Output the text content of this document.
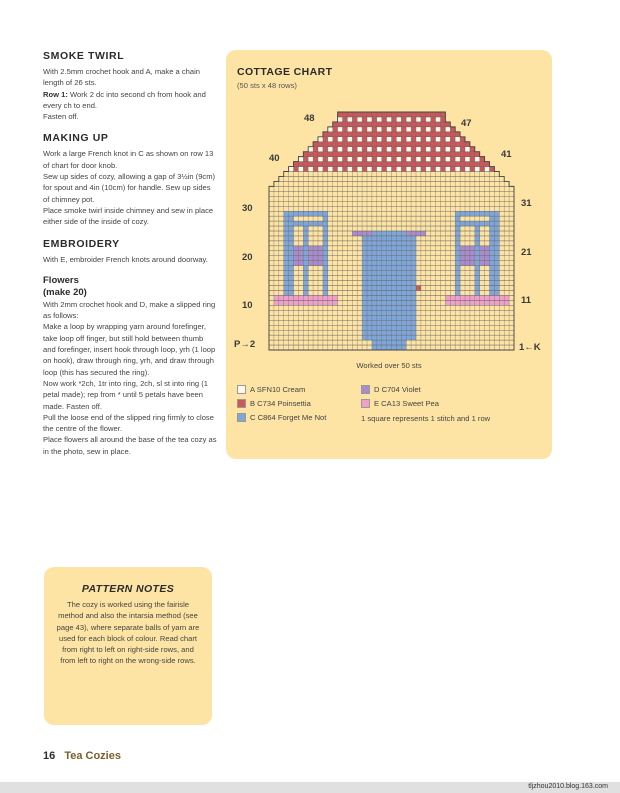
SMOKE TWIRL

With 2.5mm crochet hook and A, make a chain length of 26 sts.

Row 1: Work 2 dc into second ch from hook and every ch to end.

Fasten off.

MAKING UP

Work a large French knot in C as shown on row 13 of chart for door knob.

Sew up sides of cozy, allowing a gap of 3½in (9cm) for spout and 4in (10cm) for handle. Sew up sides of chimney pot.

Place smoke twirl inside chimney and sew in place either side of the inside of cozy.

EMBROIDERY

With E, embroider French knots around doorway.

Flowers

(make 20)

With 2mm crochet hook and D, make a slipped ring as follows:

Make a loop by wrapping yarn around forefinger, take loop off finger, but still hold between thumb and forefinger, insert hook through loop, yrh (1 loop on hook), draw through ring, yrh, and draw through loop (this has secured the ring).

Now work *2ch, 1tr into ring, 2ch, sl st into ring (1 petal made); rep from * until 5 petals have been made. Fasten off.

Pull the loose end of the slipped ring firmly to close the centre of the flower.

Place flowers all around the base of the tea cozy as in the photo, sew in place.

COTTAGE CHART
(50 sts x 48 rows)
48	47
40	41
30	31
20	21
10	11
P→2	1←K
Worked over 50 sts
A SFN10 Cream
B C734 Poinsettia
C C864 Forget Me Not
D C704 Violet
E CA13 Sweet Pea
1 square represents 1 stitch and 1 row
PATTERN NOTES
The cozy is worked using the fairisle method and also the intarsia method (see page 43), where separate balls of yarn are used for each block of colour. Read chart from right to left on right-side rows, and from left to right on the wrong-side rows.
16 Tea Cozies
tljzhou2010.blog.163.com
